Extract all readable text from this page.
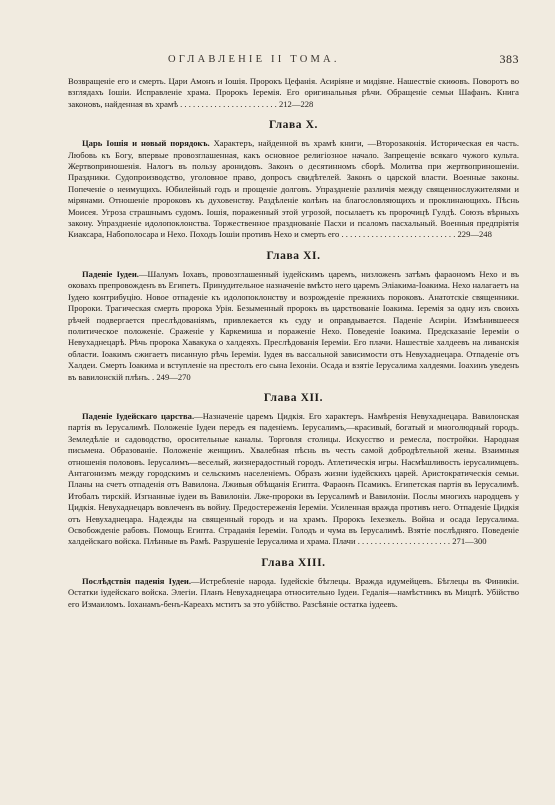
ОГЛАВЛЕНІЕ II ТОМА.	383

Возвращеніе его и смерть. Цари Амонъ и Іошія. Пророкъ Цефанія. Асирiяне и мидiяне. Нашествіе скиѳовъ. Поворотъ во взглядахъ Іошіи. Исправленіе храма. Пророкъ Іеремія. Его оригинальныя рѣчи. Обращеніе семьи Шафанъ. Книга законовъ, найденная въ храмѣ . . . . . . . . . . . . . . . . . . . . . . . 212—228

Глава X.

Царь Іошія и новый порядокъ. Характеръ, найденной въ храмѣ книги, —Второзаконія. Историческая ея часть. Любовь къ Богу, впервые провозглашенная, какъ основное религіозное начало. Запрещеніе всякаго чужого культа. Жертвоприношенія. Налогъ въ пользу аронидовъ. Законъ о десятинномъ сборѣ. Молитва при жертвоприношеніи. Праздники. Судопроизводство, уголовное право, допросъ свидѣтелей. Законъ о царской власти. Военные законы. Попеченіе о неимущихъ. Юбилейный годъ и прощеніе долговъ. Упраздненіе различія между священнослужителями и мірянами. Отношеніе пророковъ къ духовенству. Раздѣленіе колѣнъ на благословляющихъ и проклинающихъ. Пѣснь Моисея. Угроза страшнымъ судомъ. Іошія, пораженный этой угрозой, посылаетъ къ пророчицѣ Гулдѣ. Союзъ вѣрныхъ закону. Упраздненіе идолопоклонства. Торжественное празднованіе Пасхи и псаломъ пасхальный. Военныя предпріятія Киаксара, Набополосара и Нехо. Походъ Іошіи противъ Нехо и смерть его . . . . . . . . . . . . . . . . . . . . . . . . . . . 229—248

Глава XI.

Паденіе Іудеи.—Шалумъ Іохавъ, провозглашенный іудейскимъ царемъ, низложенъ затѣмъ фараономъ Нехо и въ оковахъ препровожденъ въ Египетъ. Принудительное назначеніе вмѣсто него царемъ Эліакима-Іоакима. Нехо налагаетъ на Іудею контрибуцію. Новое отпаденіе къ идолопоклонству и возрожденіе прежнихъ пороковъ. Анатотскіе священники. Пророки. Трагическая смерть пророка Урія. Безыменный пророкъ въ царствованіе Іоакима. Іеремія за одну изъ своихъ рѣчей подвергается преслѣдованіямъ, привлекается къ суду и оправдывается. Паденіе Асиріи. Измѣнившееся политическое положеніе. Сраженіе у Каркемиша и пораженіе Нехо. Поведеніе Іоакима. Предсказаніе Іереміи о Невухаднецарѣ. Рѣчь пророка Хавакука о халдеяхъ. Преслѣдованія Іереміи. Его плачи. Нашествіе халдеевъ на ливанскія области. Іоакимъ сжигаетъ писанную рѣчь Іереміи. Іудея въ вассальной зависимости отъ Невухаднецара. Отпаденіе отъ Халдеи. Смерть Іоакима и вступленіе на престолъ его сына Іехоніи. Осада и взятіе Іерусалима халдеями. Іоахинъ уведенъ въ вавилонскій плѣнъ. . 249—270

Глава XII.

Паденіе Іудейскаго царства.—Назначеніе царемъ Цидкія. Его характеръ. Намѣренія Невухаднецара. Вавилонская партія въ Іерусалимѣ. Положеніе Іудеи передъ ея паденіемъ. Іерусалимъ,—красивый, богатый и многолюдный городъ. Земледѣліе и садоводство, оросительные каналы. Торговля столицы. Искусство и ремесла, постройки. Народная письмена. Образованіе. Положеніе женщинъ. Хвалебная пѣснь въ честь самой добродѣтельной жены. Взаимныя отношенія полововъ. Іерусалимъ—веселый, жизнерадостный городъ. Атлетическія игры. Насмѣшливость іерусалимцевъ. Антагонизмъ между городскимъ и сельскимъ населеніемъ. Образъ жизни іудейскихъ царей. Аристократическія семьи. Планы на счетъ отпаденія отъ Вавилона. Лживыя обѣщанія Египта. Фараонъ Псамикъ. Египетская партія въ Іерусалимѣ. Итобалъ тирскій. Изгнанные іудеи въ Вавилоніи. Лже-пророки въ Іерусалимѣ и Вавилоніи. Послы многихъ народцевъ у Цидкія. Невухаднецаръ вовлеченъ въ войну. Предостереженія Іереміи. Усиленная вражда противъ него. Отпаденіе Цидкія отъ Невухаднецара. Надежды на священный городъ и на храмъ. Пророкъ Іехезкель. Война и осада Іерусалима. Освобожденіе рабовъ. Помощь Египта. Страданія Іереміи. Голодъ и чума въ Іерусалимѣ. Взятіе послѣдняго. Поведеніе халдейскаго войска. Плѣнные въ Рамѣ. Разрушеніе Іерусалима и храма. Плачи . . . . . . . . . . . . . . . . . . . . . . 271—300

Глава XIII.

Послѣдствія паденія Іудеи.—Истребленіе народа. Іудейскіе бѣглецы. Вражда идумейцевъ. Бѣглецы въ Финикіи. Остатки іудейскаго войска. Элегіи. Планъ Невухаднецара относительно Іудеи. Гедалія—намѣстникъ въ Мицпѣ. Убійство его Измаиломъ. Іоханамъ-бенъ-Кареахъ мститъ за это убійство. Разсѣяніе остатка іудеевъ.
